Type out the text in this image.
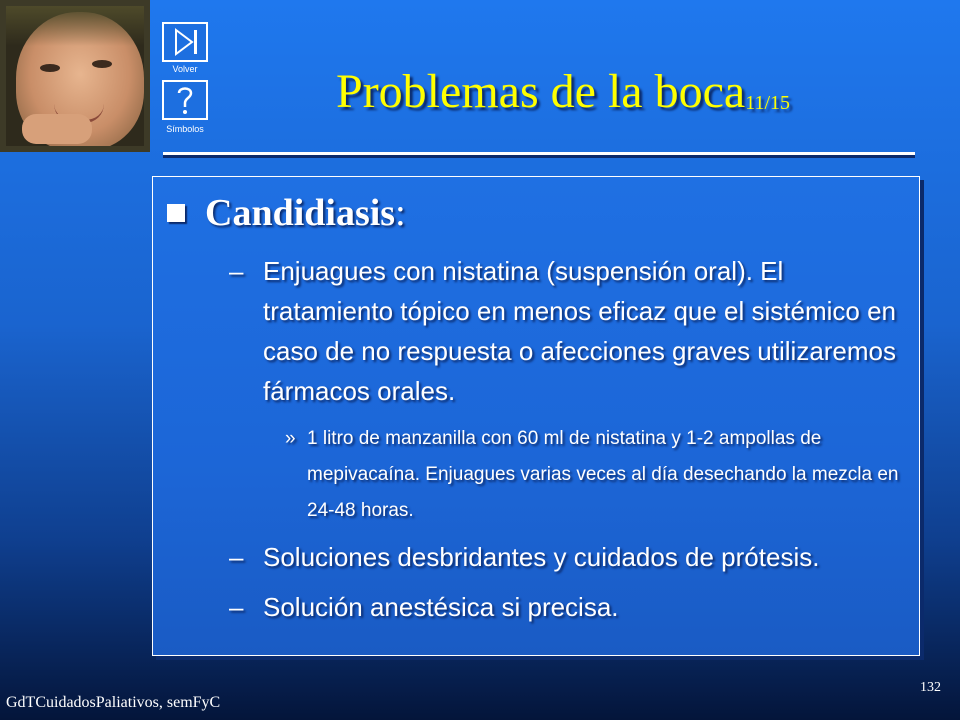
Volver
Símbolos
Problemas de la boca$_{11/15}$
Candidiasis :
– Enjuagues con nistatina (suspensión oral). El tratamiento tópico en menos eficaz que el sistémico en caso de no respuesta o afecciones graves utilizaremos fármacos orales.
» 1 litro de manzanilla con 60 ml de nistatina y 1-2 ampollas de mepivacaína. Enjuagues varias veces al día desechando la mezcla en 24-48 horas.
– Soluciones desbridantes y cuidados de prótesis.
– Solución anestésica si precisa.
GdTCuidadosPaliativos, semFyC
132
